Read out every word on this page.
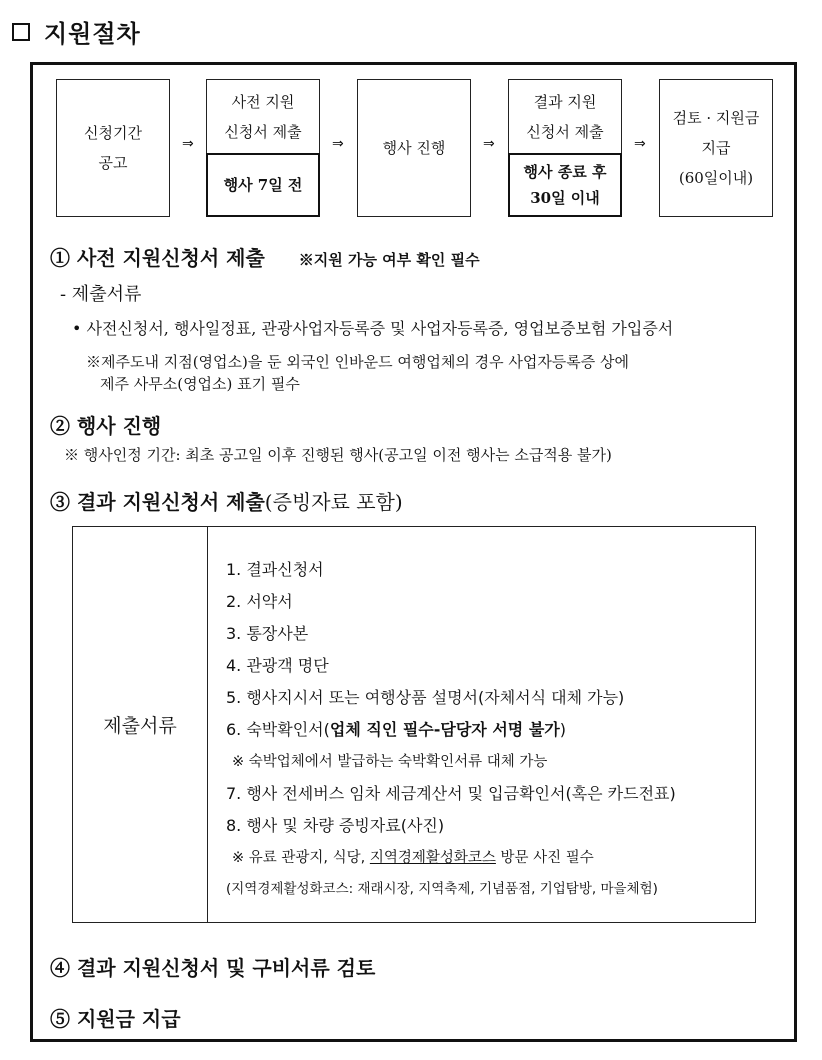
지원절차
신청기간
공고
⇒
사전 지원
신청서 제출
행사 7일 전
⇒	행사 진행	⇒
결과 지원
신청서 제출
행사 종료 후
30일 이내
⇒
검토 · 지원금
지급
(60일이내)
① 사전 지원신청서 제출 ※지원 가능 여부 확인 필수
- 제출서류
• 사전신청서, 행사일정표, 관광사업자등록증 및 사업자등록증, 영업보증보험 가입증서
※제주도내 지점(영업소)을 둔 외국인 인바운드 여행업체의 경우 사업자등록증 상에
제주 사무소(영업소) 표기 필수
② 행사 진행
※ 행사인정 기간: 최초 공고일 이후 진행된 행사(공고일 이전 행사는 소급적용 불가)
③ 결과 지원신청서 제출(증빙자료 포함)
제출서류
1. 결과신청서
2. 서약서
3. 통장사본
4. 관광객 명단
5. 행사지시서 또는 여행상품 설명서(자체서식 대체 가능)
6. 숙박확인서(업체 직인 필수-담당자 서명 불가)
※ 숙박업체에서 발급하는 숙박확인서류 대체 가능
7. 행사 전세버스 임차 세금계산서 및 입금확인서(혹은 카드전표)
8. 행사 및 차량 증빙자료(사진)
※ 유료 관광지, 식당, 지역경제활성화코스 방문 사진 필수
(지역경제활성화코스: 재래시장, 지역축제, 기념품점, 기업탐방, 마을체험)
④ 결과 지원신청서 및 구비서류 검토
⑤ 지원금 지급
